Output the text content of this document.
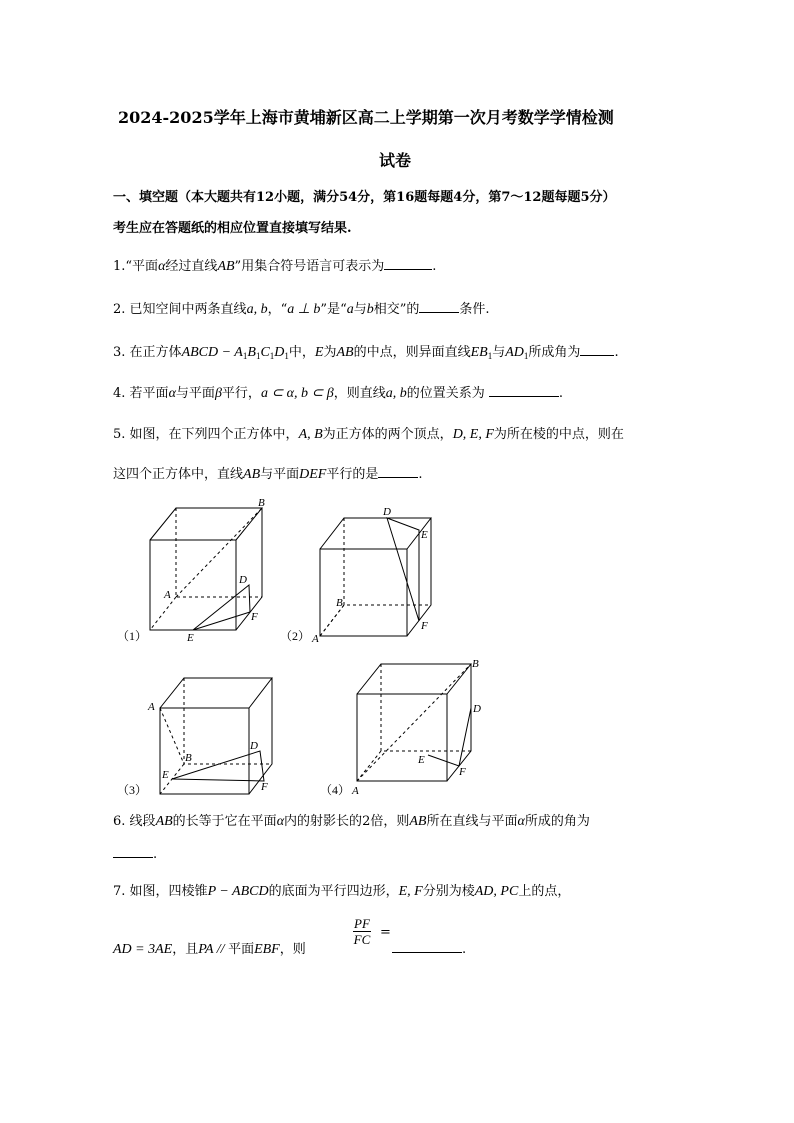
2024-2025学年上海市黄埔新区高二上学期第一次月考数学学情检测
试卷
一、填空题（本大题共有12小题，满分54分，第16题每题4分，第7～12题每题5分）
考生应在答题纸的相应位置直接填写结果.
1.“平面α经过直线AB”用集合符号语言可表示为	.
2. 已知空间中两条直线a, b，“a ⊥ b”是“a与b相交”的	条件.
3. 在正方体ABCD − $A_1B_1C_1D_1$中，E为AB的中点，则异面直线$EB_1$与$AD_1$所成角为	.
4. 若平面α与平面β平行，a ⊂ α, b ⊂ β，则直线a, b的位置关系为	.
5. 如图，在下列四个正方体中，A, B为正方体的两个顶点，D, E, F为所在棱的中点，则在
这四个正方体中，直线AB与平面DEF平行的是	.
B
A
D
F
E
（1）
D
E
B
F
A
（2）
A
B
D
E
F
（3）
B
D
E
F
A
（4）
6. 线段AB的长等于它在平面α内的射影长的2倍，则AB所在直线与平面α所成的角为
.
7. 如图，四棱锥P − ABCD的底面为平行四边形，E, F分别为棱AD, PC上的点，
AD = 3AE，且PA // 平面EBF，则
PF
FC =
.
